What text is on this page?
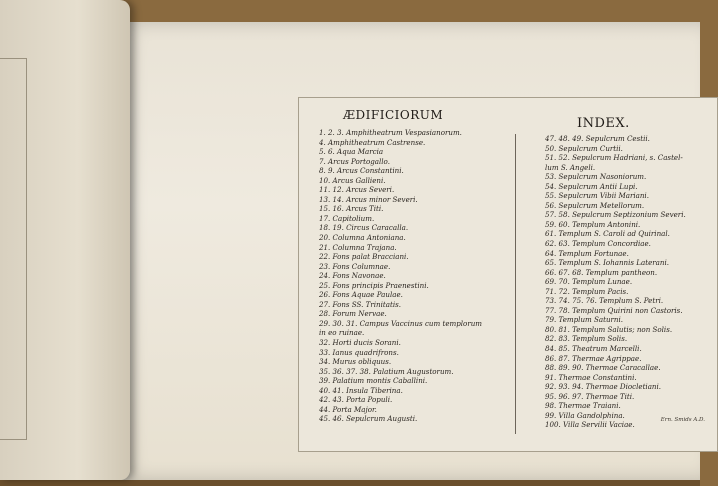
ÆDIFICIORUM
INDEX.
1. 2. 3. Amphitheatrum Vespasianorum.
4. Amphitheatrum Castrense.
5. 6. Aqua Marcia
7. Arcus Portogallo.
8. 9. Arcus Constantini.
10. Arcus Gallieni.
11. 12. Arcus Severi.
13. 14. Arcus minor Severi.
15. 16. Arcus Titi.
17. Capitolium.
18. 19. Circus Caracalla.
20. Columna Antoniana.
21. Columna Trajana.
22. Fons palat Bracciani.
23. Fons Columnae.
24. Fons Navonae.
25. Fons principis Praenestini.
26. Fons Aquae Paulae.
27. Fons SS. Trinitatis.
28. Forum Nervae.
29. 30. 31. Campus Vaccinus cum templorum
in eo ruinae.
32. Horti ducis Sorani.
33. Ianus quadrifrons.
34. Murus obliquus.
35. 36. 37. 38. Palatium Augustorum.
39. Palatium montis Caballini.
40. 41. Insula Tiberina.
42. 43. Porta Populi.
44. Porta Major.
45. 46. Sepulcrum Augusti.
47. 48. 49. Sepulcrum Cestii.
50. Sepulcrum Curtii.
51. 52. Sepulcrum Hadriani, s. Castel-
lum S. Angeli.
53. Sepulcrum Nasoniorum.
54. Sepulcrum Antii Lupi.
55. Sepulcrum Vibii Mariani.
56. Sepulcrum Metellorum.
57. 58. Sepulcrum Septizonium Severi.
59. 60. Templum Antonini.
61. Templum S. Caroli ad Quirinal.
62. 63. Templum Concordiae.
64. Templum Fortunae.
65. Templum S. Iohannis Laterani.
66. 67. 68. Templum pantheon.
69. 70. Templum Lunae.
71. 72. Templum Pacis.
73. 74. 75. 76. Templum S. Petri.
77. 78. Templum Quirini non Castoris.
79. Templum Saturni.
80. 81. Templum Salutis; non Solis.
82. 83. Templum Solis.
84. 85. Theatrum Marcelli.
86. 87. Thermae Agrippae.
88. 89. 90. Thermae Caracallae.
91. Thermae Constantini.
92. 93. 94. Thermae Diocletiani.
95. 96. 97. Thermae Titi.
98. Thermae Traiani.
99. Villa Gandolphina.
100. Villa Servilii Vaciae.
Ern. Smids A.D.
